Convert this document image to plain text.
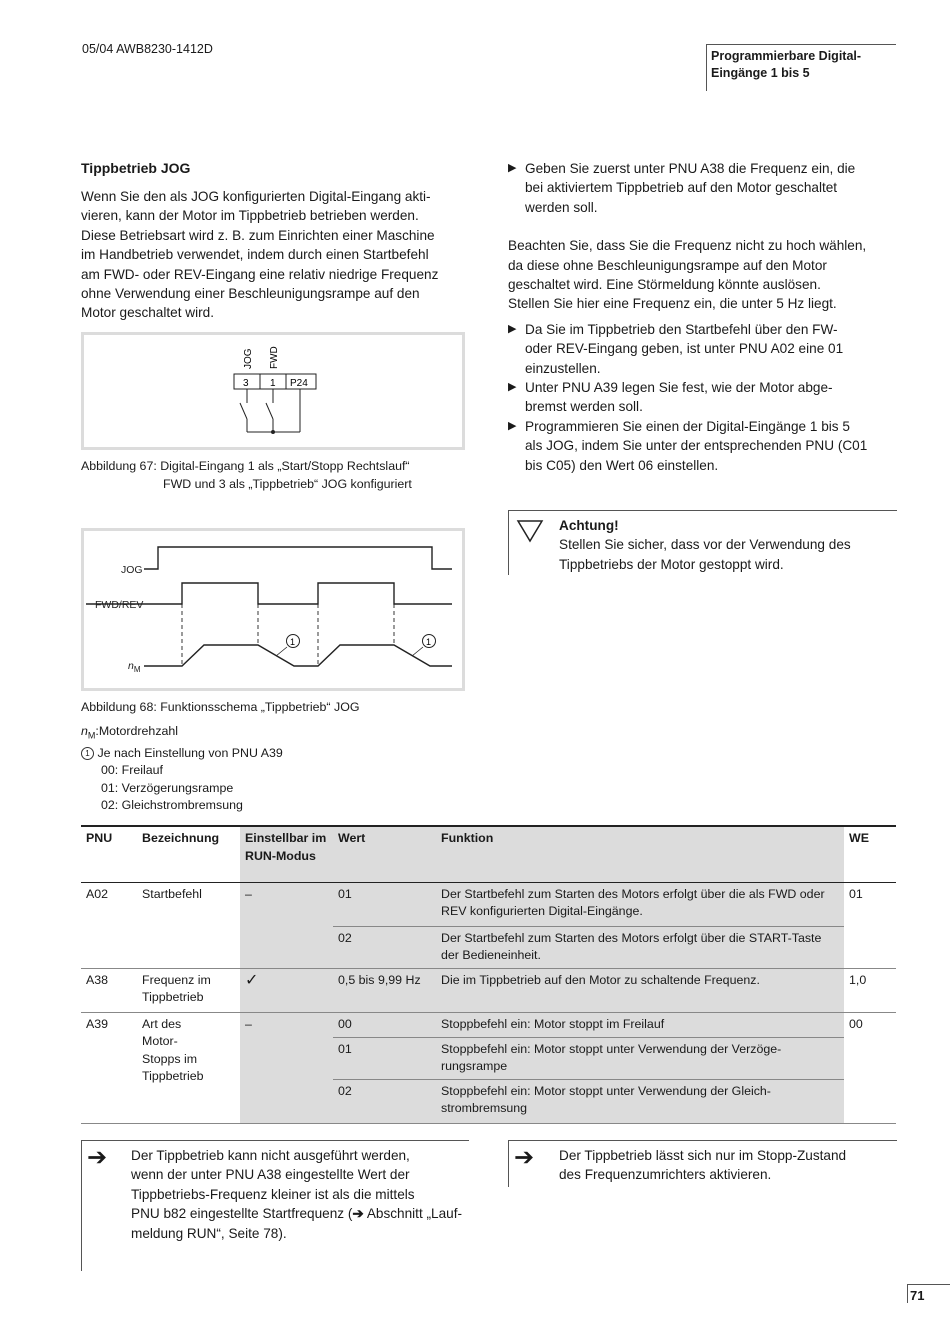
05/04 AWB8230-1412D	Programmierbare Digital-
Eingänge 1 bis 5
Tippbetrieb JOG
Wenn Sie den als JOG konfigurierten Digital-Eingang akti-
vieren, kann der Motor im Tippbetrieb betrieben werden.
Diese Betriebsart wird z. B. zum Einrichten einer Maschine
im Handbetrieb verwendet, indem durch einen Startbefehl
am FWD- oder REV-Eingang eine relativ niedrige Frequenz
ohne Verwendung einer Beschleunigungsrampe auf den
Motor geschaltet wird.
JOG FWD
3 1 P24
Abbildung 67: Digital-Eingang 1 als „Start/Stopp Rechtslauf“
FWD und 3 als „Tippbetrieb“ JOG konfiguriert
JOG
FWD/REV
$n_M$
1	1
Abbildung 68: Funktionsschema „Tippbetrieb“ JOG
$n_M:Motordrehzahl$
1 Je nach Einstellung von PNU A39
00: Freilauf
01: Verzögerungsrampe
02: Gleichstrombremsung
▶ Geben Sie zuerst unter PNU A38 die Frequenz ein, die
bei aktiviertem Tippbetrieb auf den Motor geschaltet
werden soll.
Beachten Sie, dass Sie die Frequenz nicht zu hoch wählen,
da diese ohne Beschleunigungsrampe auf den Motor
geschaltet wird. Eine Störmeldung könnte auslösen.
Stellen Sie hier eine Frequenz ein, die unter 5 Hz liegt.
▶ Da Sie im Tippbetrieb den Startbefehl über den FW-
oder REV-Eingang geben, ist unter PNU A02 eine 01
einzustellen.
▶ Unter PNU A39 legen Sie fest, wie der Motor abge-
bremst werden soll.
▶ Programmieren Sie einen der Digital-Eingänge 1 bis 5
als JOG, indem Sie unter der entsprechenden PNU (C01
bis C05) den Wert 06 einstellen.
Achtung!
Stellen Sie sicher, dass vor der Verwendung des
Tippbetriebs der Motor gestoppt wird.
PNU	Bezeichnung	Einstellbar im RUN-Modus	Wert	Funktion	WE
A02	Startbefehl	–	01	Der Startbefehl zum Starten des Motors erfolgt über die als FWD oder REV konfigurierten Digital-Eingänge.	01
			02	Der Startbefehl zum Starten des Motors erfolgt über die START-Taste der Bedieneinheit.	
A38	Frequenz im Tippbetrieb	✓	0,5 bis 9,99 Hz	Die im Tippbetrieb auf den Motor zu schaltende Frequenz.	1,0
A39	Art des Motor-Stopps im Tippbetrieb	–	00	Stoppbefehl ein: Motor stoppt im Freilauf	00
			01	Stoppbefehl ein: Motor stoppt unter Verwendung der Verzöge-rungsrampe	
			02	Stoppbefehl ein: Motor stoppt unter Verwendung der Gleich-strombremsung	
➔ Der Tippbetrieb kann nicht ausgeführt werden,
wenn der unter PNU A38 eingestellte Wert der
Tippbetriebs-Frequenz kleiner ist als die mittels
PNU b82 eingestellte Startfrequenz (➔ Abschnitt „Lauf-
meldung RUN“, Seite 78).
➔ Der Tippbetrieb lässt sich nur im Stopp-Zustand
des Frequenzumrichters aktivieren.
71
